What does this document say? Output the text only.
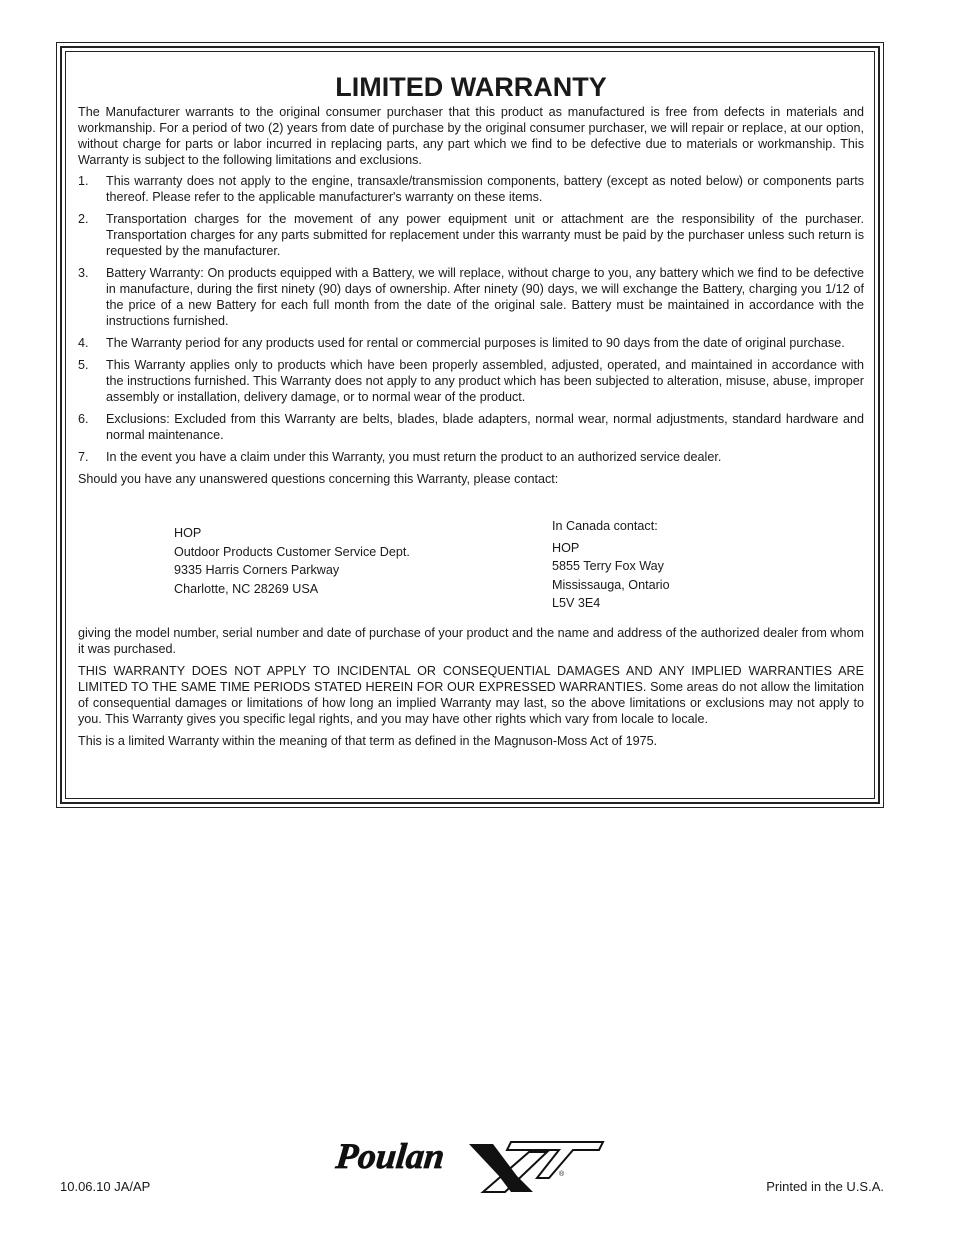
LIMITED WARRANTY

The Manufacturer warrants to the original consumer purchaser that this product as manufactured is free from defects in materials and workmanship. For a period of two (2) years from date of purchase by the original consumer purchaser, we will repair or replace, at our option, without charge for parts or labor incurred in replacing parts, any part which we find to be defective due to materials or workmanship. This Warranty is subject to the following limitations and exclusions.

1. This warranty does not apply to the engine, transaxle/transmission components, battery (except as noted below) or components parts thereof. Please refer to the applicable manufacturer's warranty on these items.
2. Transportation charges for the movement of any power equipment unit or attachment are the responsibility of the purchaser. Transportation charges for any parts submitted for replacement under this warranty must be paid by the purchaser unless such return is requested by the manufacturer.
3. Battery Warranty: On products equipped with a Battery, we will replace, without charge to you, any battery which we find to be defective in manufacture, during the first ninety (90) days of ownership. After ninety (90) days, we will exchange the Battery, charging you 1/12 of the price of a new Battery for each full month from the date of the original sale. Battery must be maintained in accordance with the instructions furnished.
4. The Warranty period for any products used for rental or commercial purposes is limited to 90 days from the date of original purchase.
5. This Warranty applies only to products which have been properly assembled, adjusted, operated, and maintained in accordance with the instructions furnished. This Warranty does not apply to any product which has been subjected to alteration, misuse, abuse, improper assembly or installation, delivery damage, or to normal wear of the product.
6. Exclusions: Excluded from this Warranty are belts, blades, blade adapters, normal wear, normal adjustments, standard hardware and normal maintenance.
7. In the event you have a claim under this Warranty, you must return the product to an authorized service dealer.

Should you have any unanswered questions concerning this Warranty, please contact:

HOP
Outdoor Products Customer Service Dept.
9335 Harris Corners Parkway
Charlotte, NC 28269 USA
In Canada contact:
HOP
5855 Terry Fox Way
Mississauga, Ontario
L5V 3E4

giving the model number, serial number and date of purchase of your product and the name and address of the authorized dealer from whom it was purchased.

THIS WARRANTY DOES NOT APPLY TO INCIDENTAL OR CONSEQUENTIAL DAMAGES AND ANY IMPLIED WARRANTIES ARE LIMITED TO THE SAME TIME PERIODS STATED HEREIN FOR OUR EXPRESSED WARRANTIES. Some areas do not allow the limitation of consequential damages or limitations of how long an implied Warranty may last, so the above limitations or exclusions may not apply to you. This Warranty gives you specific legal rights, and you may have other rights which vary from locale to locale.

This is a limited Warranty within the meaning of that term as defined in the Magnuson-Moss Act of 1975.

Poulan	®
10.06.10 JA/AP	Printed in the U.S.A.
